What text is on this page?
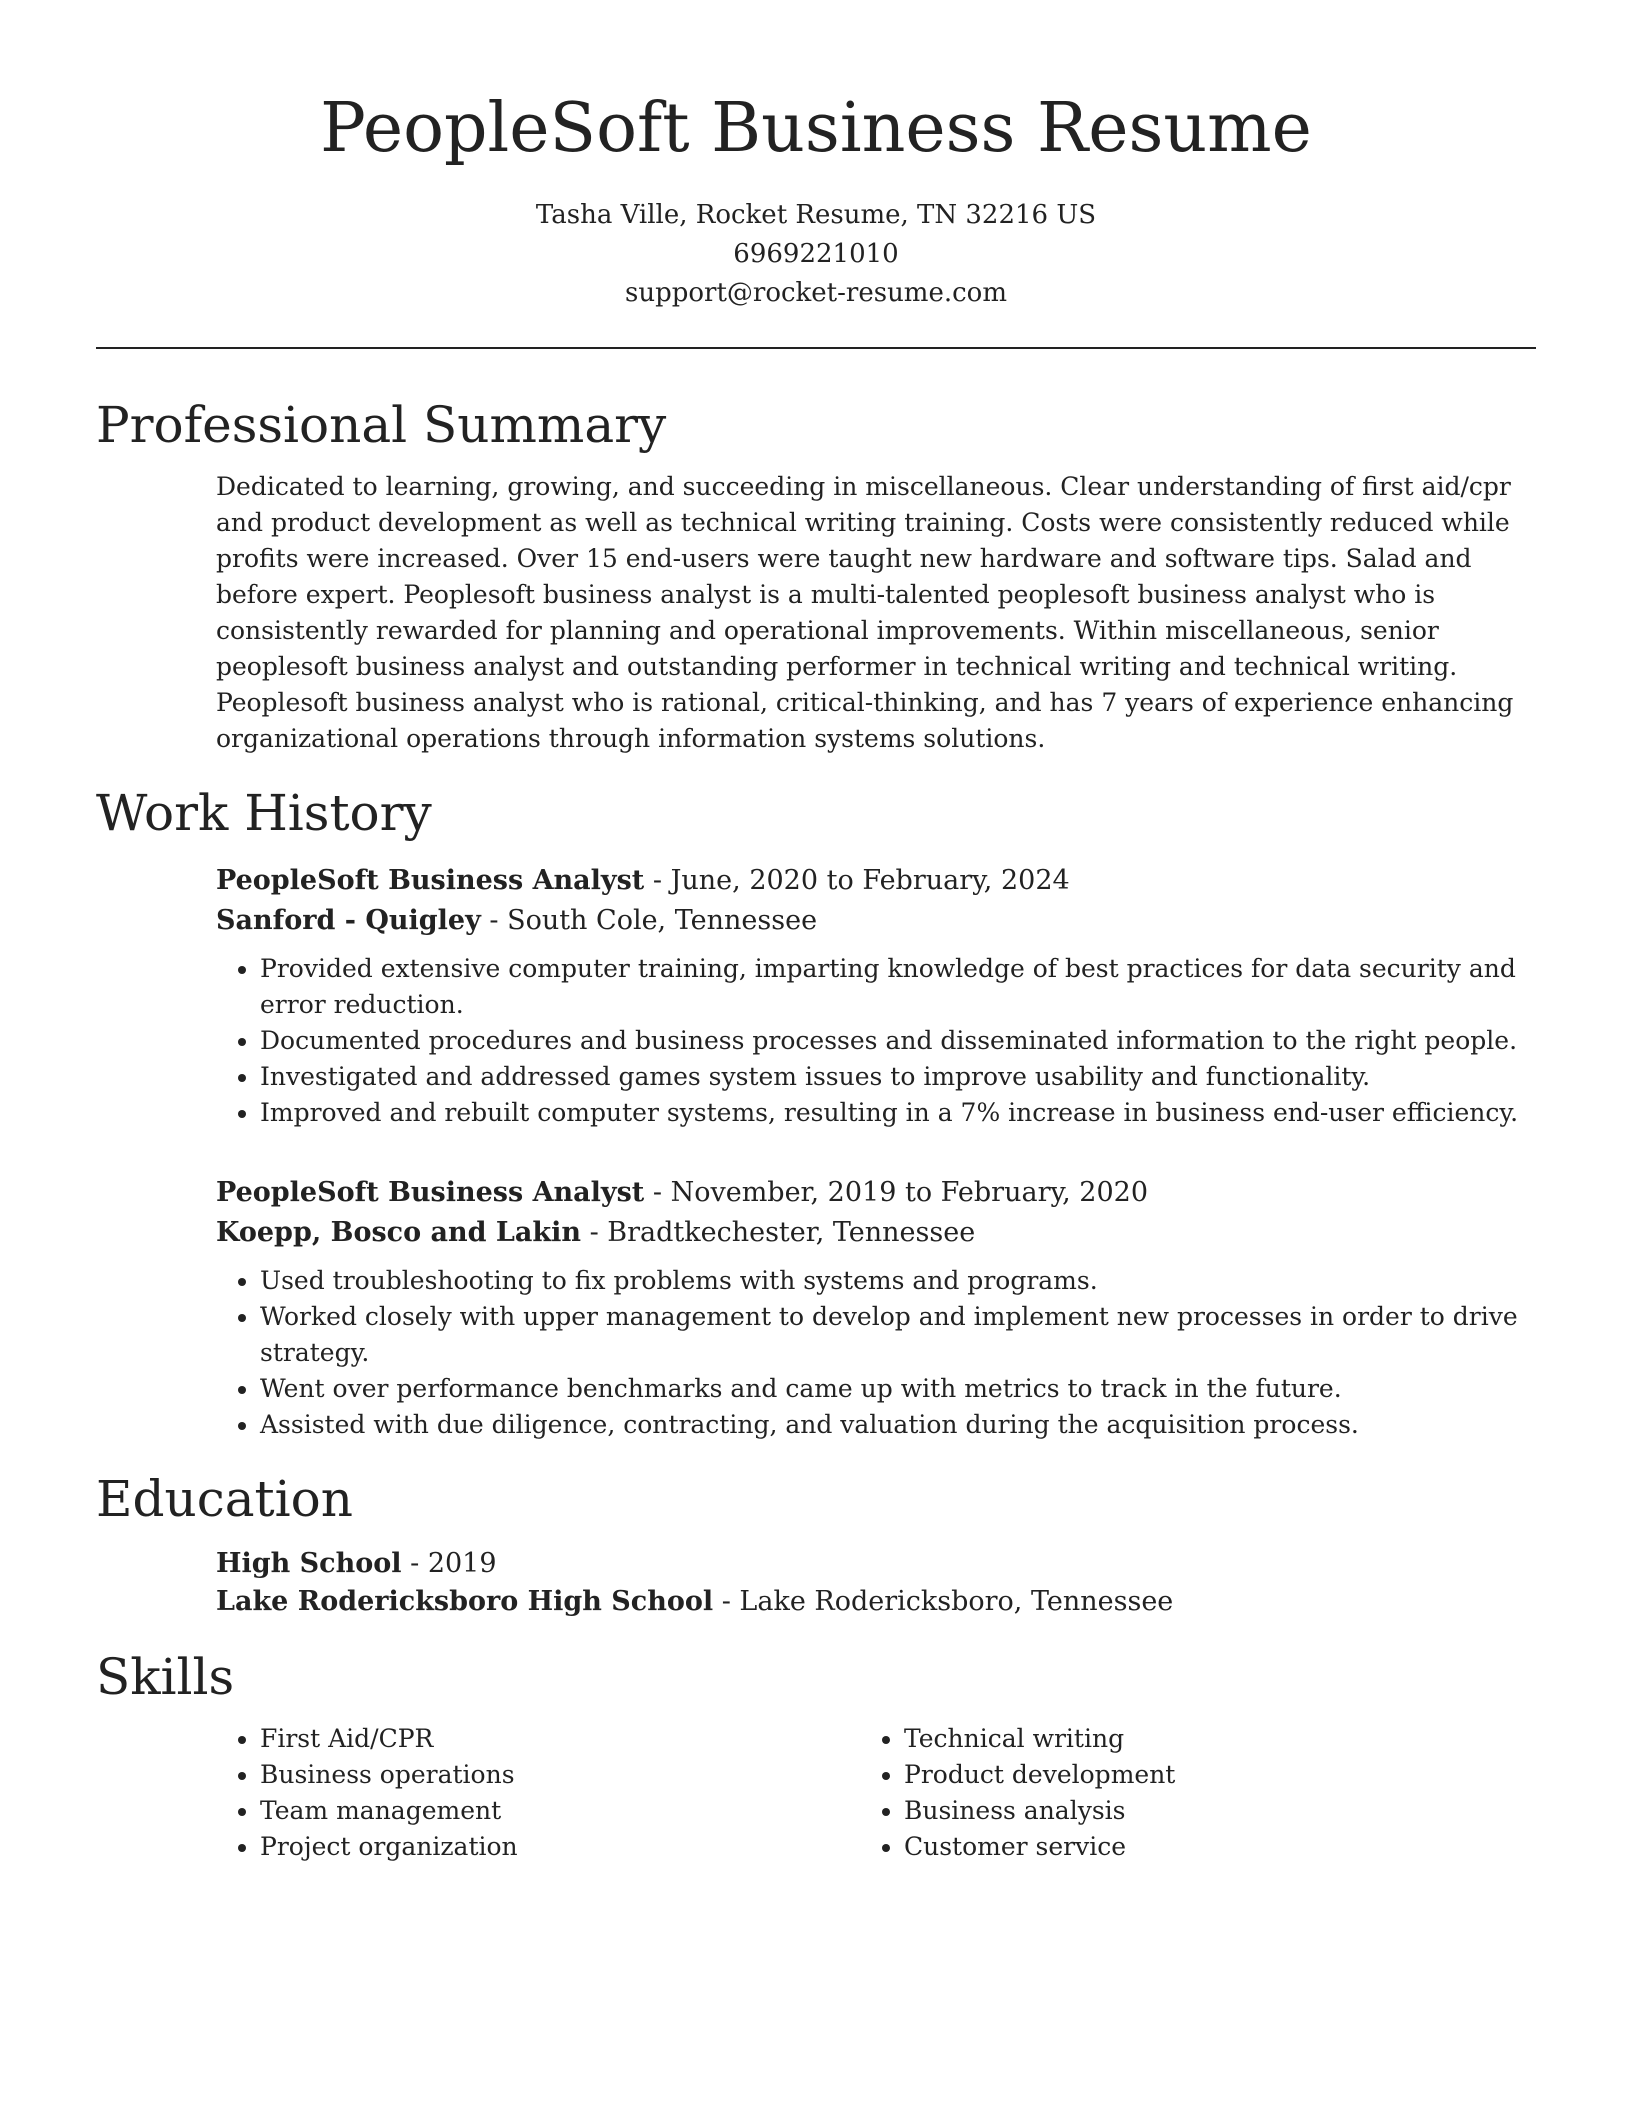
PeopleSoft Business Resume
Tasha Ville, Rocket Resume, TN 32216 US
6969221010
support@rocket-resume.com
Professional Summary

Dedicated to learning, growing, and succeeding in miscellaneous. Clear understanding of first aid/cpr and product development as well as technical writing training. Costs were consistently reduced while profits were increased. Over 15 end-users were taught new hardware and software tips. Salad and before expert. Peoplesoft business analyst is a multi-talented peoplesoft business analyst who is consistently rewarded for planning and operational improvements. Within miscellaneous, senior peoplesoft business analyst and outstanding performer in technical writing and technical writing. Peoplesoft business analyst who is rational, critical-thinking, and has 7 years of experience enhancing organizational operations through information systems solutions.

Work History
PeopleSoft Business Analyst - June, 2020 to February, 2024
Sanford - Quigley - South Cole, Tennessee
• Provided extensive computer training, imparting knowledge of best practices for data security and error reduction.
• Documented procedures and business processes and disseminated information to the right people.
• Investigated and addressed games system issues to improve usability and functionality.
• Improved and rebuilt computer systems, resulting in a 7% increase in business end-user efficiency.
PeopleSoft Business Analyst - November, 2019 to February, 2020
Koepp, Bosco and Lakin - Bradtkechester, Tennessee
• Used troubleshooting to fix problems with systems and programs.
• Worked closely with upper management to develop and implement new processes in order to drive strategy.
• Went over performance benchmarks and came up with metrics to track in the future.
• Assisted with due diligence, contracting, and valuation during the acquisition process.
Education
High School - 2019
Lake Rodericksboro High School - Lake Rodericksboro, Tennessee
Skills
• First Aid/CPR
• Business operations
• Team management
• Project organization
• Technical writing
• Product development
• Business analysis
• Customer service
